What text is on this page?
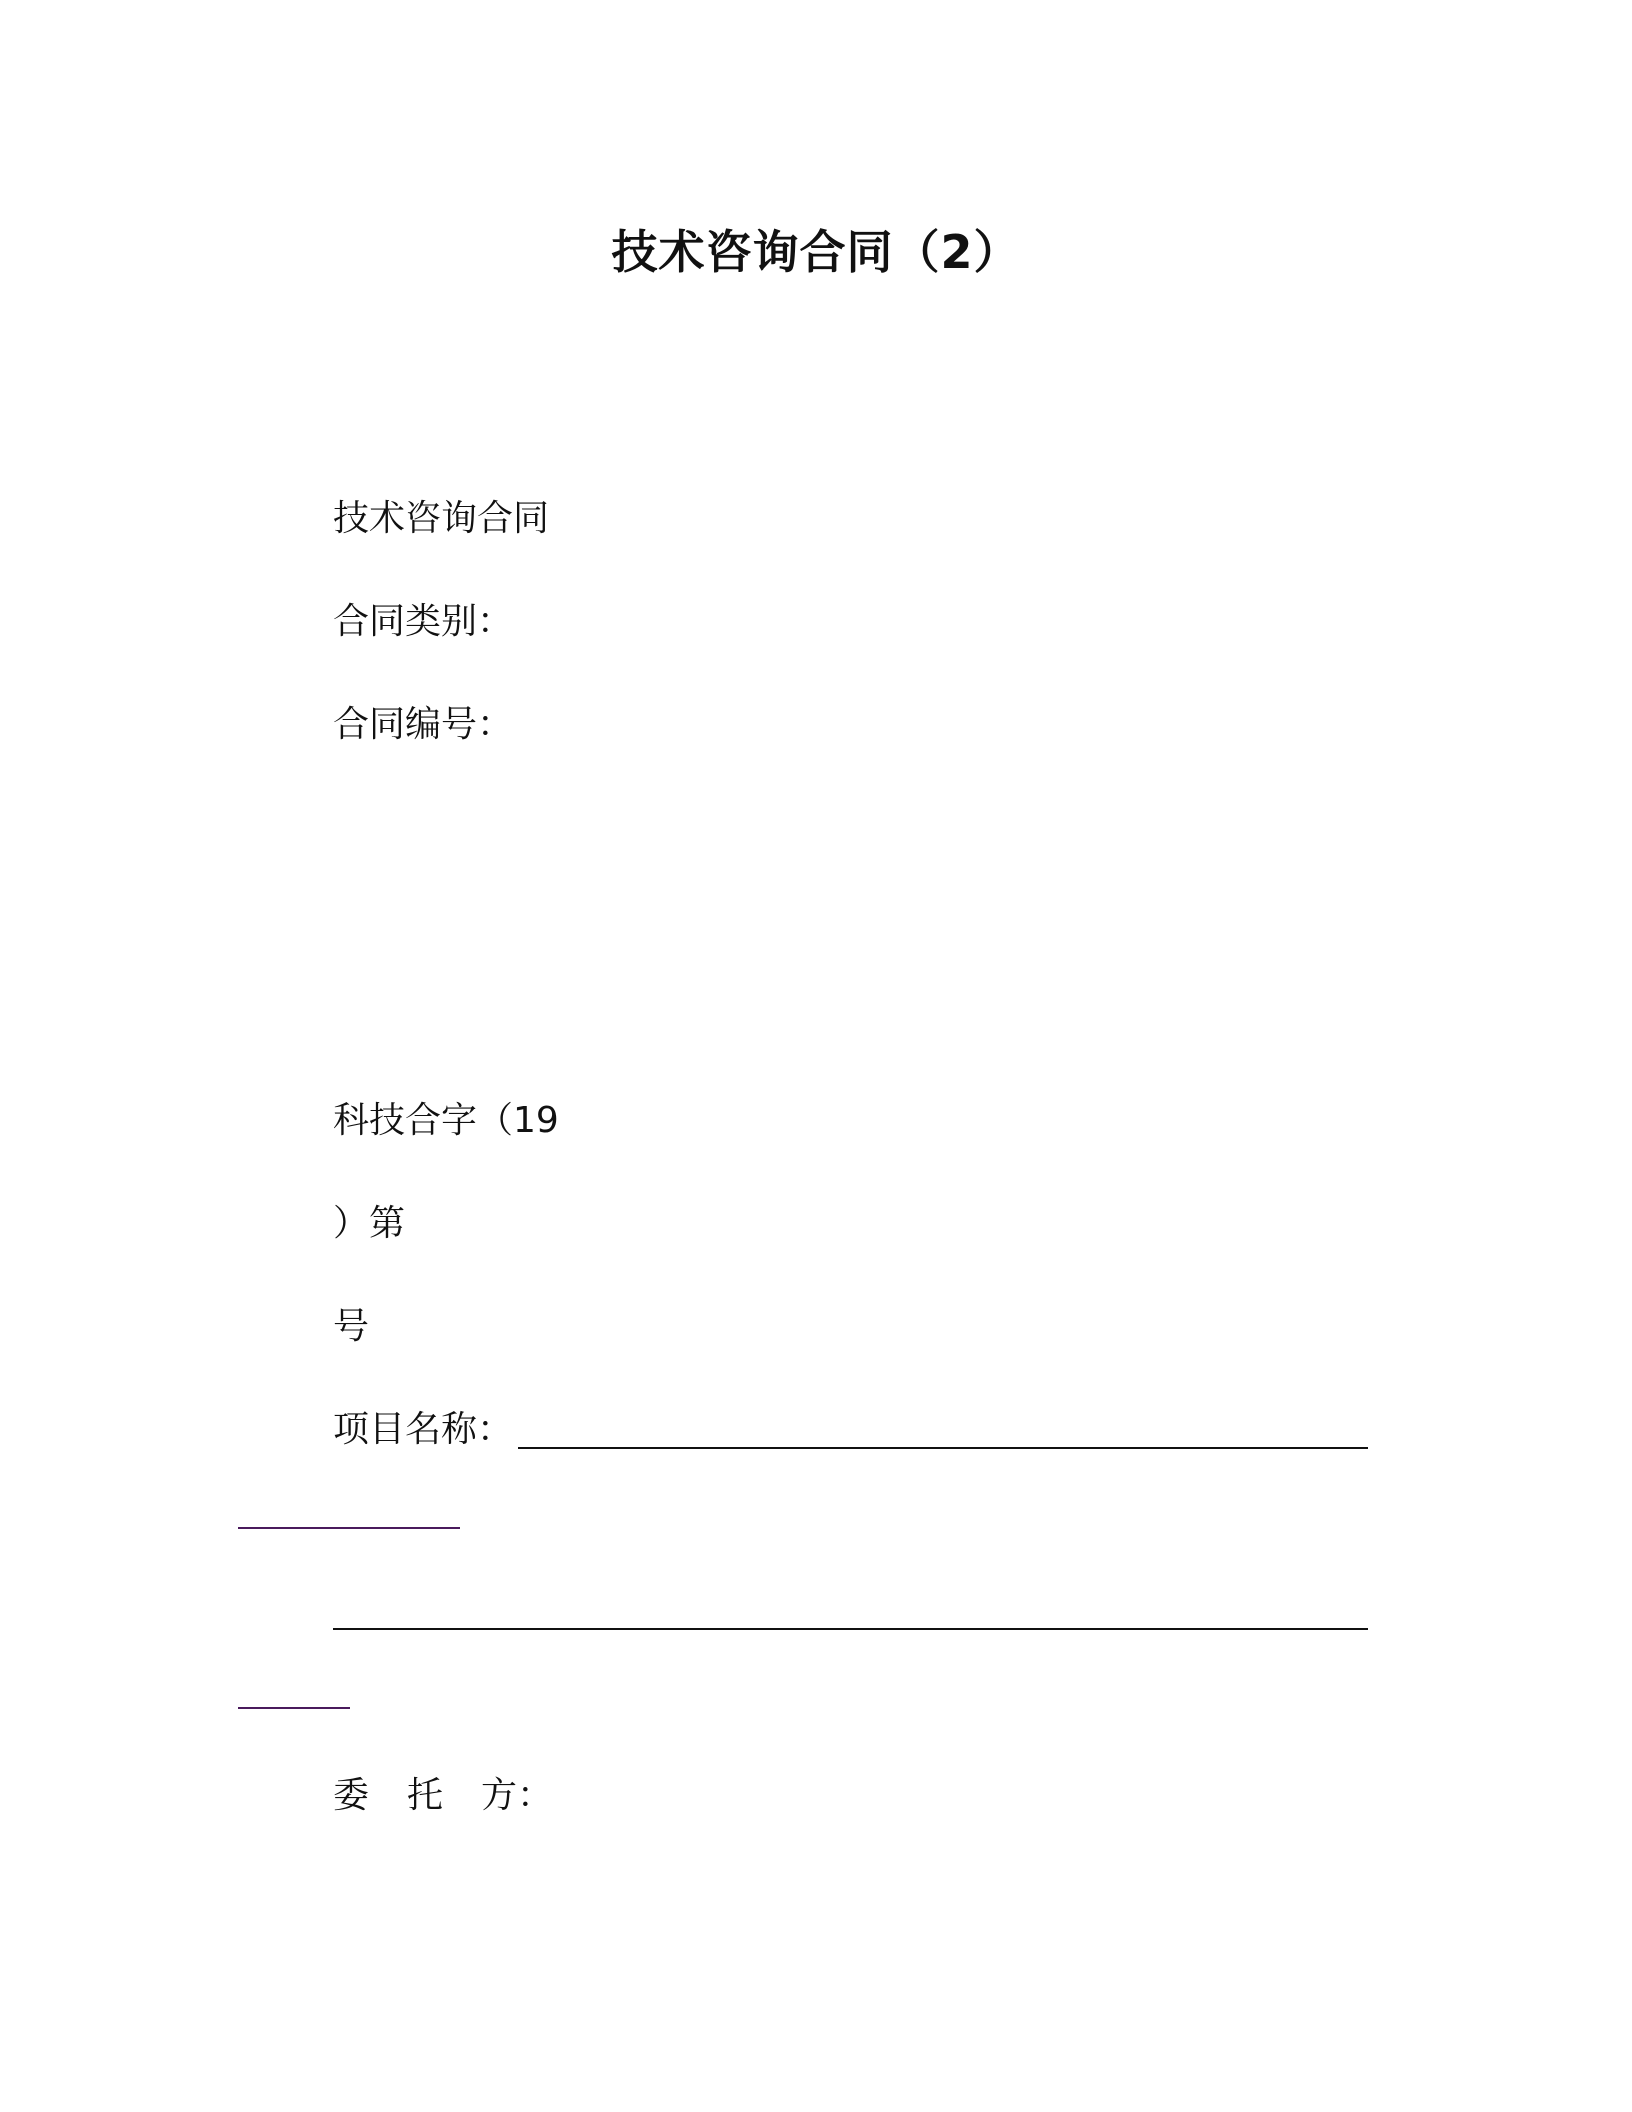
技术咨询合同（2）
技术咨询合同
合同类别：
合同编号：
科技合字（19
）第
号
项目名称：
委 托 方：
